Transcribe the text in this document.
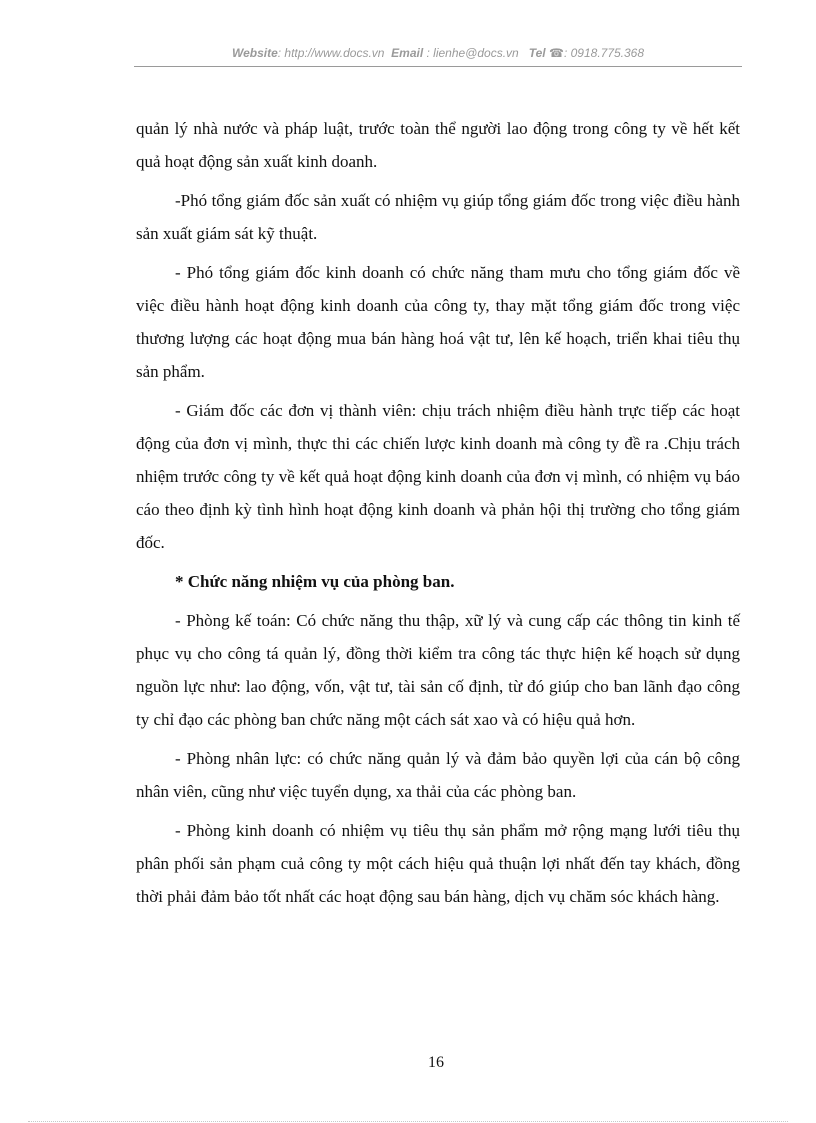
Website: http://www.docs.vn Email : lienhe@docs.vn Tel ☎: 0918.775.368

quản lý nhà nước và pháp luật, trước toàn thể người lao động trong công ty về hết kết quả hoạt động sản xuất kinh doanh.

-Phó tổng giám đốc sản xuất có nhiệm vụ giúp tổng giám đốc trong việc điều hành sản xuất giám sát kỹ thuật.

- Phó tổng giám đốc kinh doanh có chức năng tham mưu cho tổng giám đốc về việc điều hành hoạt động kinh doanh của công ty, thay mặt tổng giám đốc trong việc thương lượng các hoạt động mua bán hàng hoá vật tư, lên kế hoạch, triển khai tiêu thụ sản phẩm.

- Giám đốc các đơn vị thành viên: chịu trách nhiệm điều hành trực tiếp các hoạt động của đơn vị mình, thực thi các chiến lược kinh doanh mà công ty đề ra .Chịu trách nhiệm trước công ty về kết quả hoạt động kinh doanh của đơn vị mình, có nhiệm vụ báo cáo theo định kỳ tình hình hoạt động kinh doanh và phản hội thị trường cho tổng giám đốc.

* Chức năng nhiệm vụ của phòng ban.

- Phòng kế toán: Có chức năng thu thập, xữ lý và cung cấp các thông tin kinh tế phục vụ cho công tá quản lý, đồng thời kiểm tra công tác thực hiện kế hoạch sử dụng nguồn lực như: lao động, vốn, vật tư, tài sản cố định, từ đó giúp cho ban lãnh đạo công ty chỉ đạo các phòng ban chức năng một cách sát xao và có hiệu quả hơn.

- Phòng nhân lực: có chức năng quản lý và đảm bảo quyền lợi của cán bộ công nhân viên, cũng như việc tuyển dụng, xa thải của các phòng ban.

- Phòng kinh doanh có nhiệm vụ tiêu thụ sản phẩm mở rộng mạng lưới tiêu thụ phân phối sản phạm cuả công ty một cách hiệu quả thuận lợi nhất đến tay khách, đồng thời phải đảm bảo tốt nhất các hoạt động sau bán hàng, dịch vụ chăm sóc khách hàng.

16
